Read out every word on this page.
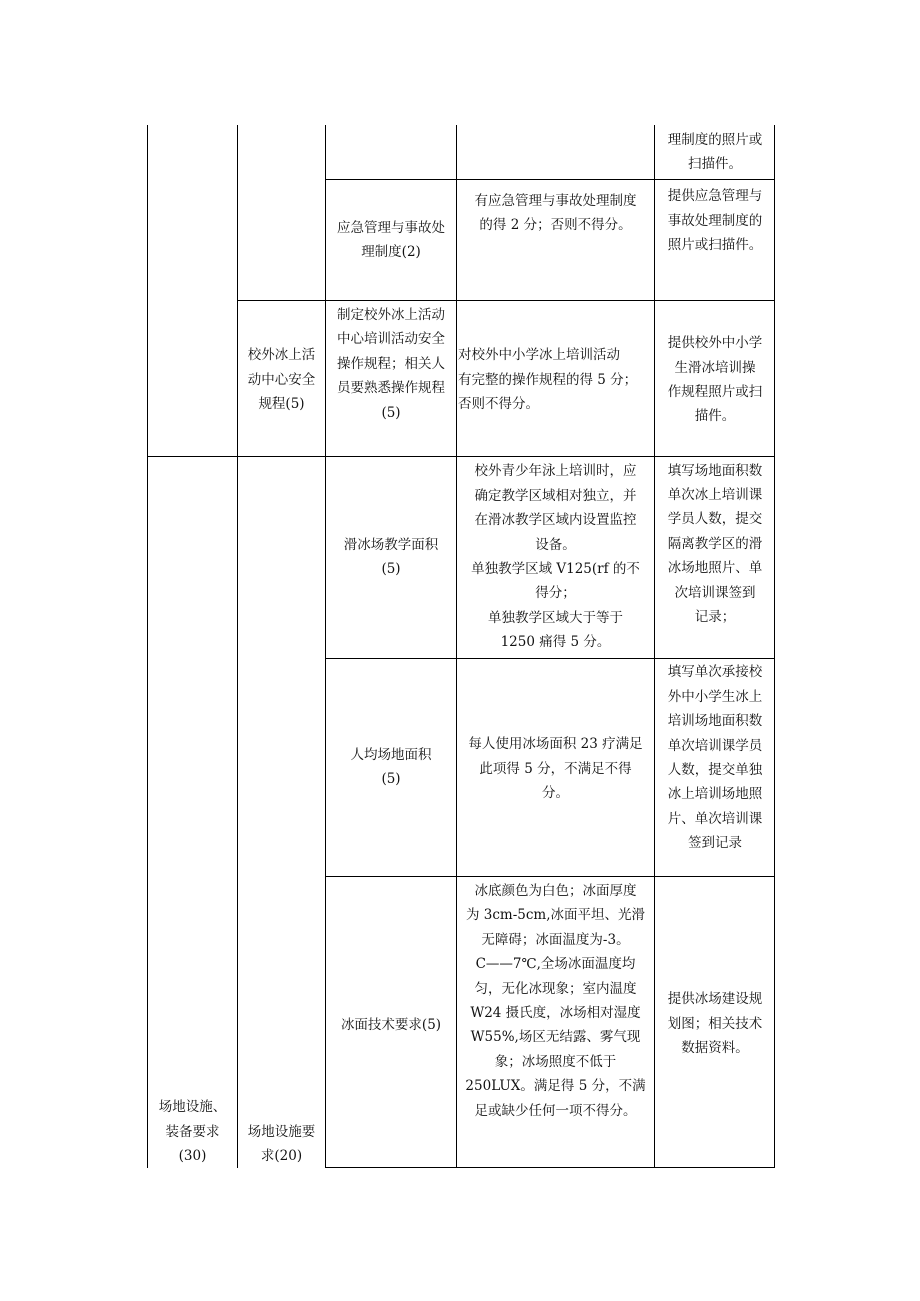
理制度的照片或

扫描件。

应急管理与事故处

理制度(2)

有应急管理与事故处理制度

的得 2 分；否则不得分。

提供应急管理与

事故处理制度的

照片或扫描件。

校外冰上活

动中心安全

规程(5)

制定校外冰上活动

中心培训活动安全

操作规程；相关人

员要熟悉操作规程

(5)

对校外中小学冰上培训活动

有完整的操作规程的得 5 分；

否则不得分。

提供校外中小学

生滑冰培训操

作规程照片或扫

描件。

滑冰场教学面积

(5)

校外青少年泳上培训时，应

确定教学区域相对独立，并

在滑冰教学区域内设置监控

设备。

单独教学区域 V125(rf 的不

得分；

单独教学区域大于等于

1250 痛得 5 分。

填写场地面积数

单次冰上培训课

学员人数，提交

隔离教学区的滑

冰场地照片、单

次培训课签到

记录；

人均场地面积

(5)

每人使用冰场面积 23 疗满足

此项得 5 分，不满足不得

分。

填写单次承接校

外中小学生冰上

培训场地面积数

单次培训课学员

人数，提交单独

冰上培训场地照

片、单次培训课

签到记录

场地设施、

装备要求

(30)

场地设施要

求(20)

冰面技术要求(5)

冰底颜色为白色；冰面厚度

为 3cm-5cm,冰面平坦、光滑

无障碍；冰面温度为-3。

C——7℃,全场冰面温度均

匀，无化冰现象；室内温度

W24 摄氏度，冰场相对湿度

W55%,场区无结露、雾气现

象；冰场照度不低于

250LUX。满足得 5 分，不满

足或缺少任何一项不得分。

提供冰场建设规

划图；相关技术

数据资料。
